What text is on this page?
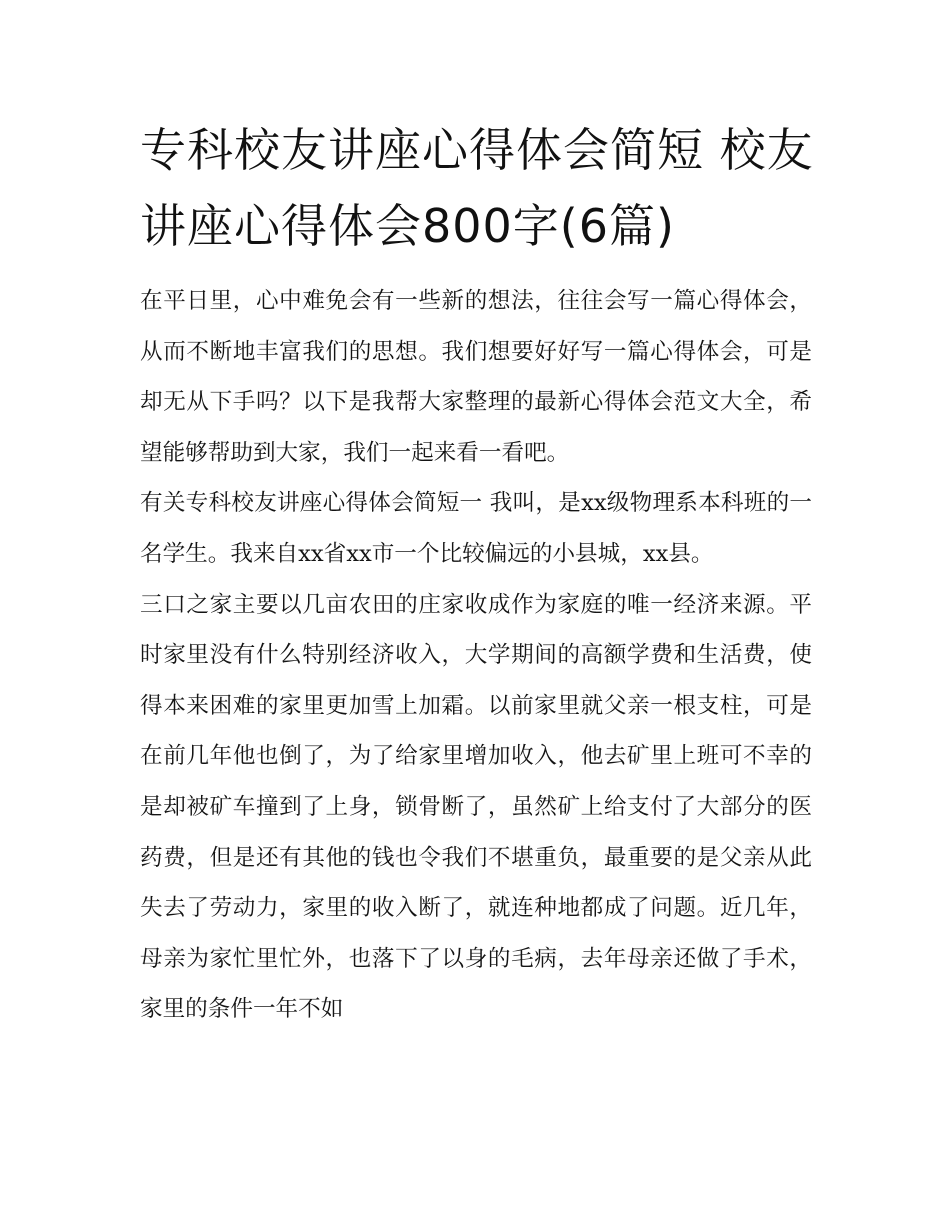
专科校友讲座心得体会简短 校友讲座心得体会800字(6篇)

在平日里，心中难免会有一些新的想法，往往会写一篇心得体会，从而不断地丰富我们的思想。我们想要好好写一篇心得体会，可是却无从下手吗？以下是我帮大家整理的最新心得体会范文大全，希望能够帮助到大家，我们一起来看一看吧。

有关专科校友讲座心得体会简短一 我叫，是xx级物理系本科班的一名学生。我来自xx省xx市一个比较偏远的小县城，xx县。

三口之家主要以几亩农田的庄家收成作为家庭的唯一经济来源。平时家里没有什么特别经济收入，大学期间的高额学费和生活费，使得本来困难的家里更加雪上加霜。以前家里就父亲一根支柱，可是在前几年他也倒了，为了给家里增加收入，他去矿里上班可不幸的是却被矿车撞到了上身，锁骨断了，虽然矿上给支付了大部分的医药费，但是还有其他的钱也令我们不堪重负，最重要的是父亲从此失去了劳动力，家里的收入断了，就连种地都成了问题。近几年，母亲为家忙里忙外，也落下了以身的毛病，去年母亲还做了手术，家里的条件一年不如
